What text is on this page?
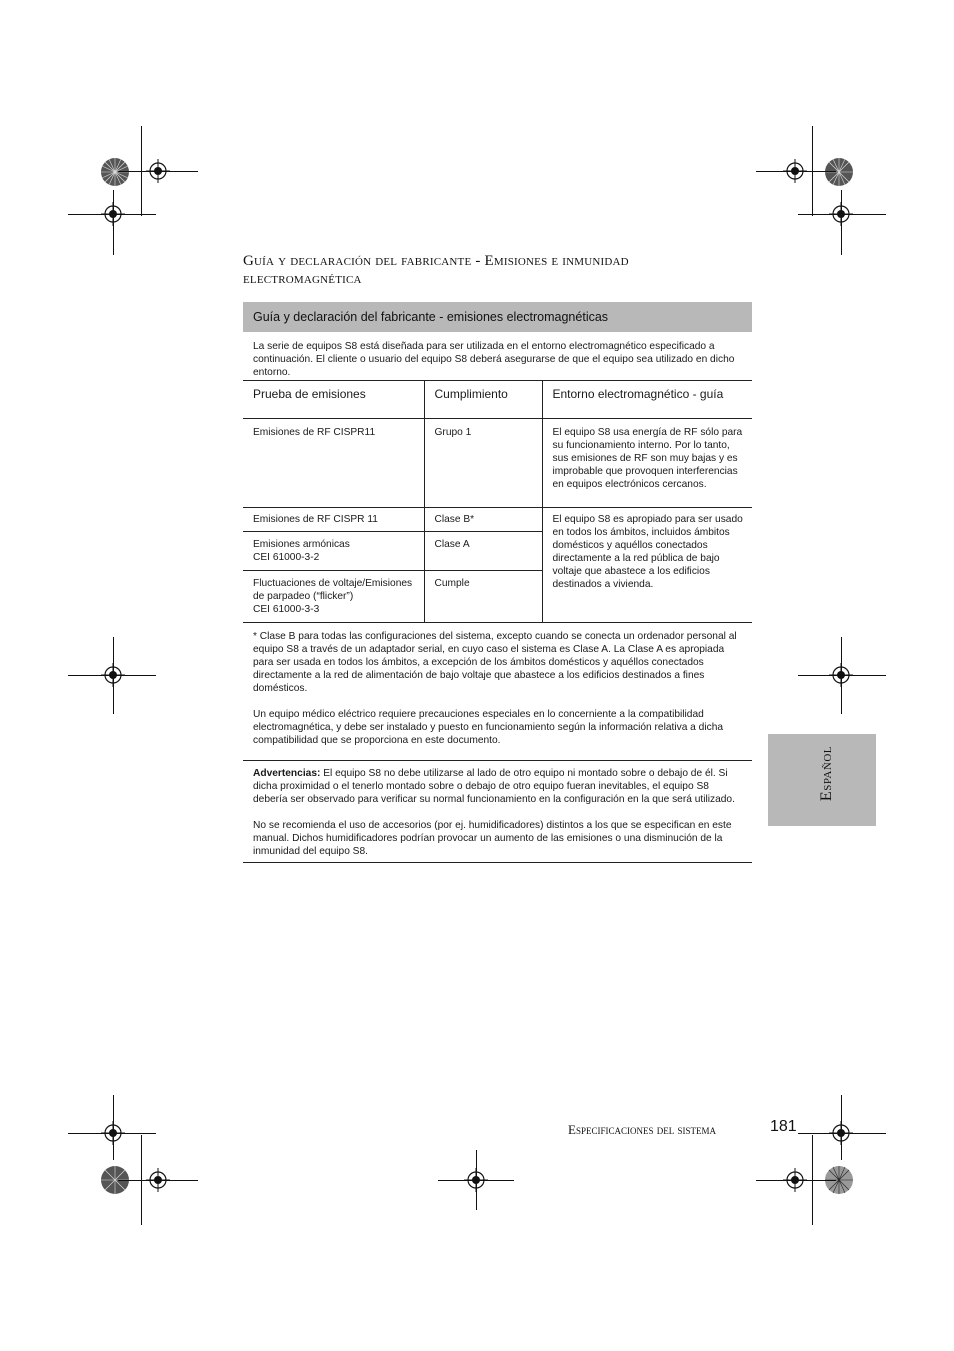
Guía y declaración del fabricante - Emisiones e inmunidad
electromagnética
Guía y declaración del fabricante - emisiones electromagnéticas
La serie de equipos S8 está diseñada para ser utilizada en el entorno electromagnético especificado a continuación. El cliente o usuario del equipo S8 deberá asegurarse de que el equipo sea utilizado en dicho entorno.
Prueba de emisiones	Cumplimiento	Entorno electromagnético - guía
Emisiones de RF CISPR11	Grupo 1	El equipo S8 usa energía de RF sólo para su funcionamiento interno. Por lo tanto, sus emisiones de RF son muy bajas y es improbable que provoquen interferencias en equipos electrónicos cercanos.
Emisiones de RF CISPR 11	Clase B*	El equipo S8 es apropiado para ser usado en todos los ámbitos, incluidos ámbitos domésticos y aquéllos conectados directamente a la red pública de bajo voltaje que abastece a los edificios destinados a vivienda.

Emisiones armónicas
CEI 61000-3-2	Clase A	

Fluctuaciones de voltaje/Emisiones de parpadeo (“flicker”)
CEI 61000-3-3	Cumple	

* Clase B para todas las configuraciones del sistema, excepto cuando se conecta un ordenador personal al equipo S8 a través de un adaptador serial, en cuyo caso el sistema es Clase A. La Clase A es apropiada para ser usada en todos los ámbitos, a excepción de los ámbitos domésticos y aquéllos conectados directamente a la red de alimentación de bajo voltaje que abastece a los edificios destinados a fines domésticos.

Un equipo médico eléctrico requiere precauciones especiales en lo concerniente a la compatibilidad electromagnética, y debe ser instalado y puesto en funcionamiento según la información relativa a dicha compatibilidad que se proporciona en este documento.

Advertencias: El equipo S8 no debe utilizarse al lado de otro equipo ni montado sobre o debajo de él. Si dicha proximidad o el tenerlo montado sobre o debajo de otro equipo fueran inevitables, el equipo S8 debería ser observado para verificar su normal funcionamiento en la configuración en la que será utilizado.

No se recomienda el uso de accesorios (por ej. humidificadores) distintos a los que se especifican en este manual. Dichos humidificadores podrían provocar un aumento de las emisiones o una disminución de la inmunidad del equipo S8.

Español
Especificaciones del sistema	181
